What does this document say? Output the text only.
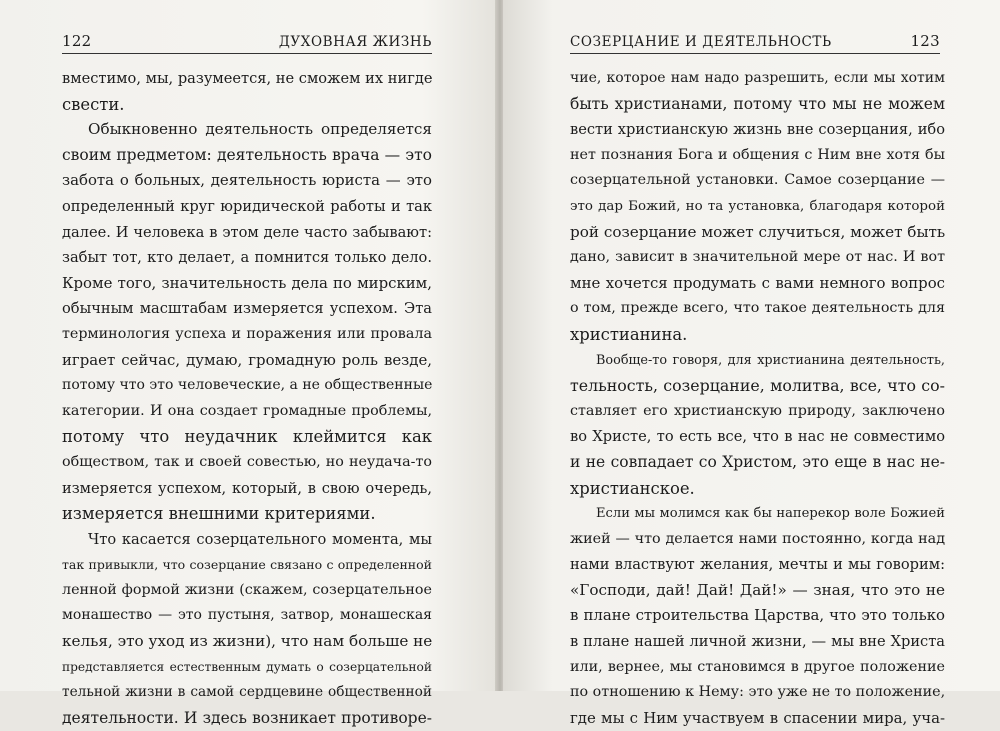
122	ДУХОВНАЯ ЖИЗНЬ
вместимо, мы, разумеется, не сможем их нигде
свести.
Обыкновенно деятельность определяется
своим предметом: деятельность врача — это
забота о больных, деятельность юриста — это
определенный круг юридической работы и так
далее. И человека в этом деле часто забывают:
забыт тот, кто делает, а помнится только дело.
Кроме того, значительность дела по мирским,
обычным масштабам измеряется успехом. Эта
терминология успеха и поражения или провала
играет сейчас, думаю, громадную роль везде,
потому что это человеческие, а не общественные
категории. И она создает громадные проблемы,
потому что неудачник клеймится как
обществом, так и своей совестью, но неудача-то
измеряется успехом, который, в свою очередь,
измеряется внешними критериями.
Что касается созерцательного момента, мы
так привыкли, что созерцание связано с определенной
ленной формой жизни (скажем, созерцательное
монашество — это пустыня, затвор, монашеская
келья, это уход из жизни), что нам больше не
представляется естественным думать о созерцательной
тельной жизни в самой сердцевине общественной
деятельности. И здесь возникает противоре-
СОЗЕРЦАНИЕ И ДЕЯТЕЛЬНОСТЬ	123
чие, которое нам надо разрешить, если мы хотим
быть христианами, потому что мы не можем
вести христианскую жизнь вне созерцания, ибо
нет познания Бога и общения с Ним вне хотя бы
созерцательной установки. Самое созерцание —
это дар Божий, но та установка, благодаря которой
рой созерцание может случиться, может быть
дано, зависит в значительной мере от нас. И вот
мне хочется продумать с вами немного вопрос
о том, прежде всего, что такое деятельность для
христианина.
Вообще-то говоря, для христианина деятельность,
тельность, созерцание, молитва, все, что со-
ставляет его христианскую природу, заключено
во Христе, то есть все, что в нас не совместимо
и не совпадает со Христом, это еще в нас не-
христианское.
Если мы молимся как бы наперекор воле Божией
жией — что делается нами постоянно, когда над
нами властвуют желания, мечты и мы говорим:
«Господи, дай! Дай! Дай!» — зная, что это не
в плане строительства Царства, что это только
в плане нашей личной жизни, — мы вне Христа
или, вернее, мы становимся в другое положение
по отношению к Нему: это уже не то положение,
где мы с Ним участвуем в спасении мира, уча-
